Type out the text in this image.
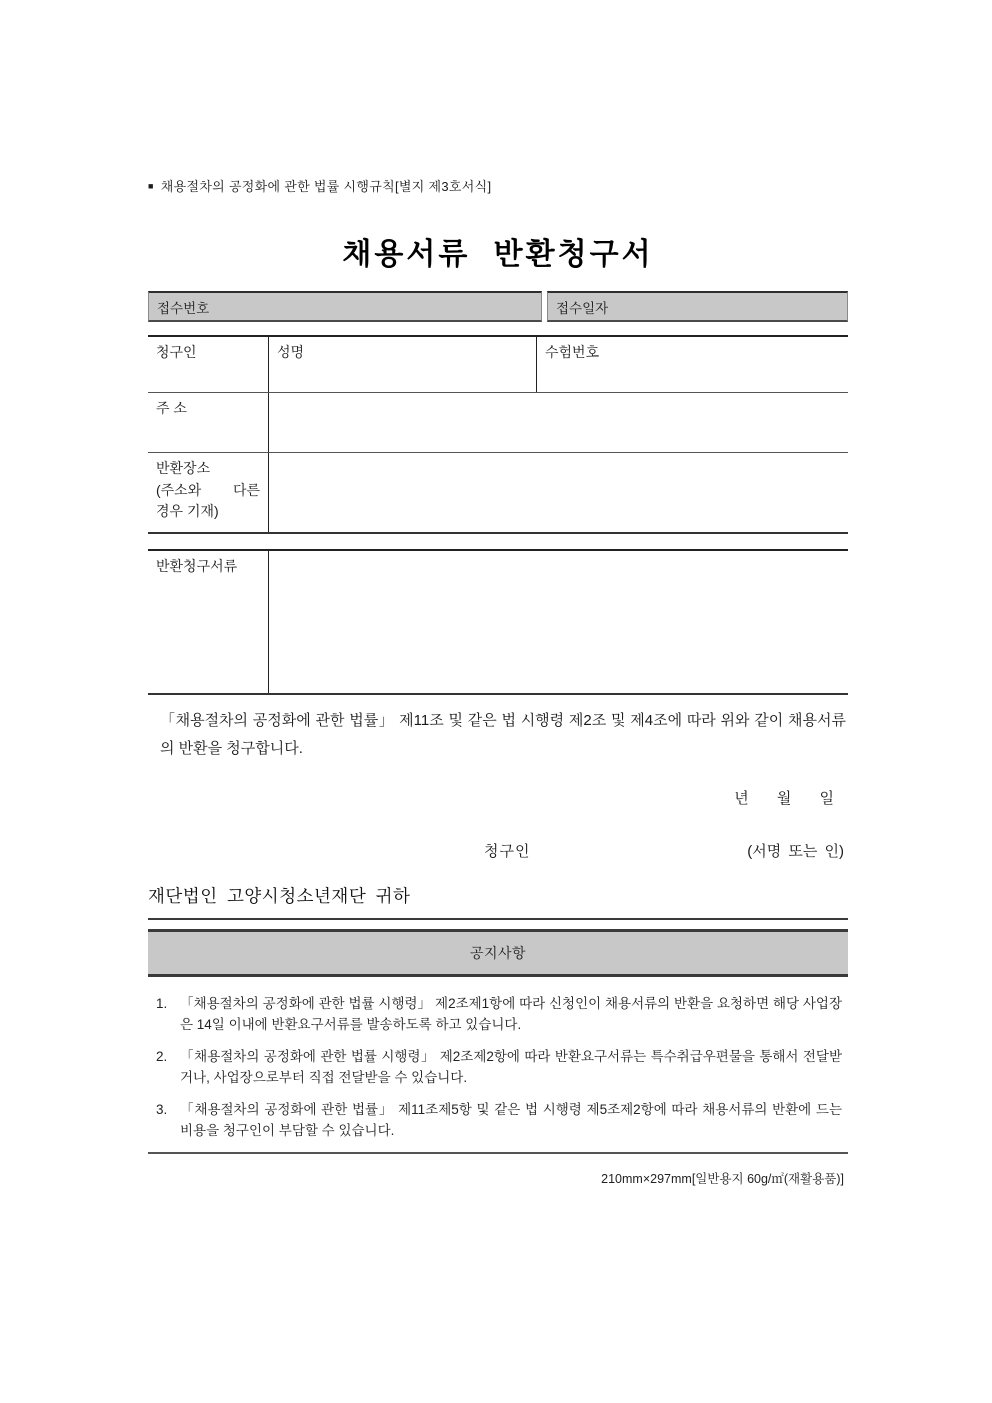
■ 채용절차의 공정화에 관한 법률 시행규칙[별지 제3호서식]
채용서류 반환청구서
접수번호	접수일자
청구인	성명	수험번호
주 소
반환장소
(주소와 다른
경우 기재)
반환청구서류
「채용절차의 공정화에 관한 법률」 제11조 및 같은 법 시행령 제2조 및 제4조에 따라 위와 같이 채용서류의 반환을 청구합니다.
년 월 일
청구인	(서명 또는 인)
재단법인 고양시청소년재단 귀하
공지사항
1. 「채용절차의 공정화에 관한 법률 시행령」 제2조제1항에 따라 신청인이 채용서류의 반환을 요청하면 해당 사업장은 14일 이내에 반환요구서류를 발송하도록 하고 있습니다.
2. 「채용절차의 공정화에 관한 법률 시행령」 제2조제2항에 따라 반환요구서류는 특수취급우편물을 통해서 전달받거나, 사업장으로부터 직접 전달받을 수 있습니다.
3. 「채용절차의 공정화에 관한 법률」 제11조제5항 및 같은 법 시행령 제5조제2항에 따라 채용서류의 반환에 드는 비용을 청구인이 부담할 수 있습니다.
210mm×297mm[일반용지 60g/㎡(재활용품)]
